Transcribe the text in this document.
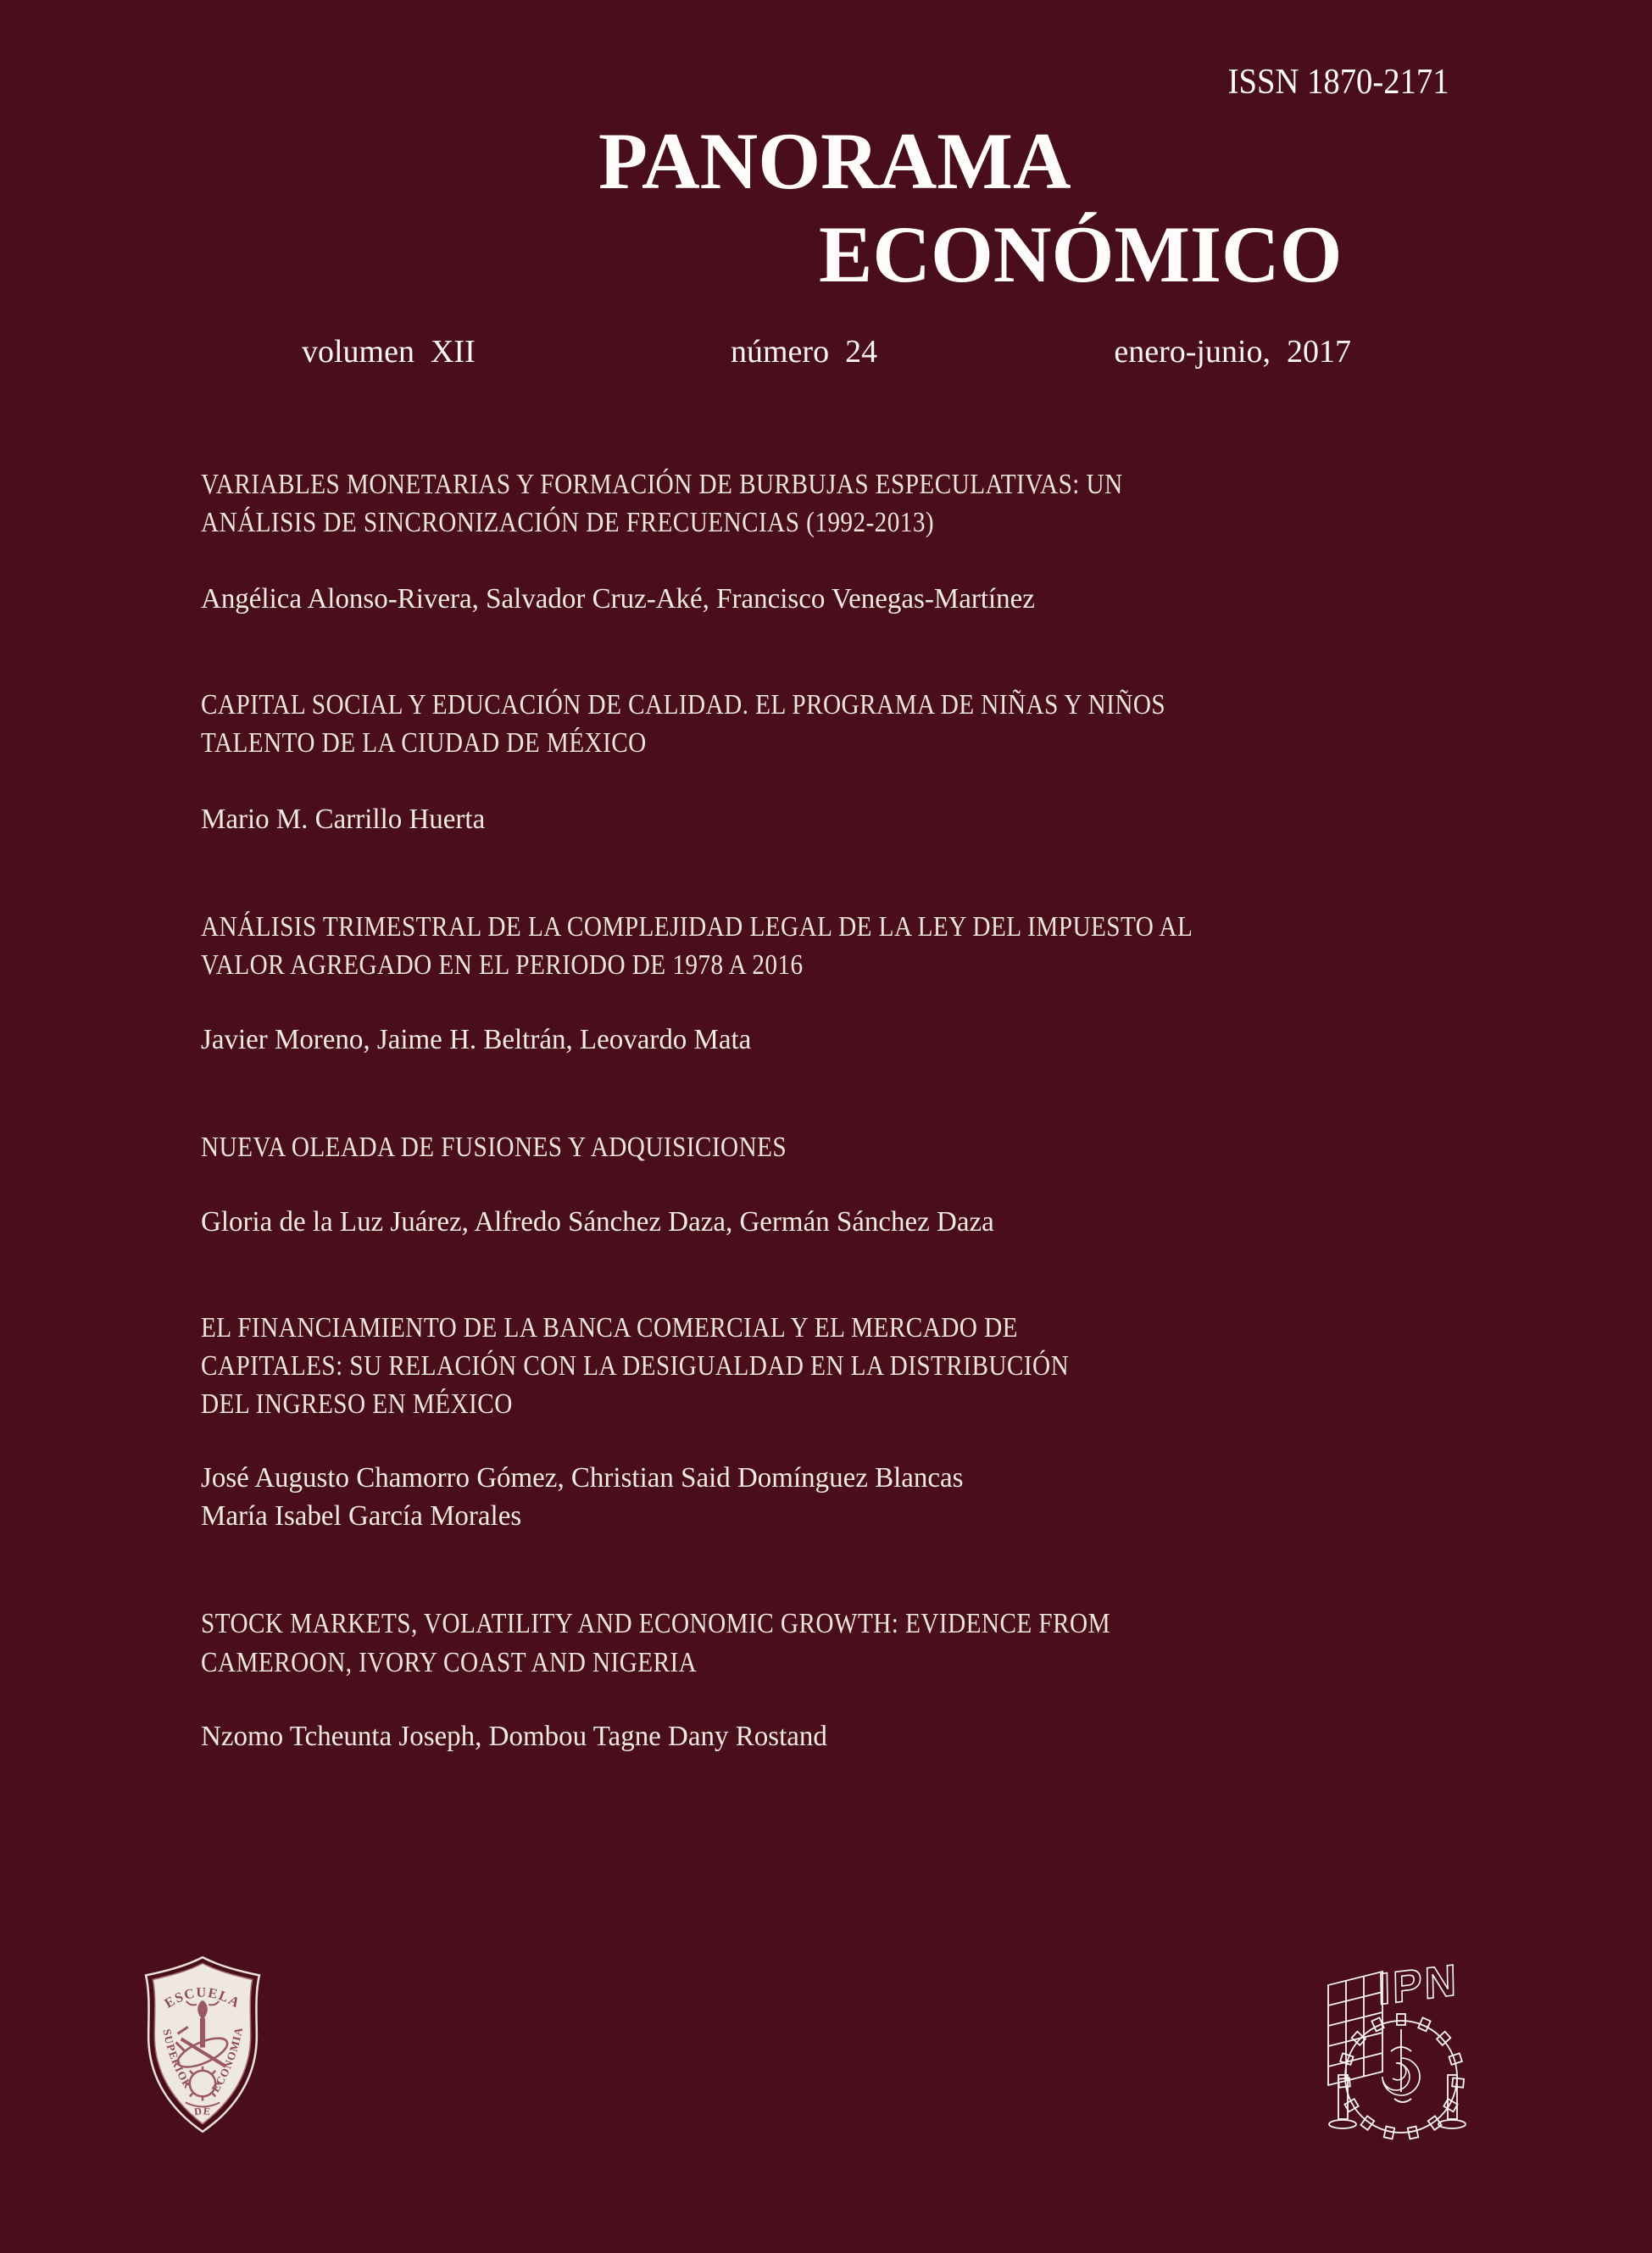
ISSN 1870-2171
PANORAMA
ECONÓMICO
volumen  XII	número  24	enero-junio,  2017
VARIABLES MONETARIAS Y FORMACIÓN DE BURBUJAS ESPECULATIVAS: UN
ANÁLISIS DE SINCRONIZACIÓN DE FRECUENCIAS (1992-2013)
Angélica Alonso-Rivera, Salvador Cruz-Aké, Francisco Venegas-Martínez
CAPITAL SOCIAL Y EDUCACIÓN DE CALIDAD. EL PROGRAMA DE NIÑAS Y NIÑOS
TALENTO DE LA CIUDAD DE MÉXICO
Mario M. Carrillo Huerta
ANÁLISIS TRIMESTRAL DE LA COMPLEJIDAD LEGAL DE LA LEY DEL IMPUESTO AL
VALOR AGREGADO EN EL PERIODO DE 1978 A 2016
Javier Moreno, Jaime H. Beltrán, Leovardo Mata
NUEVA OLEADA DE FUSIONES Y ADQUISICIONES
Gloria de la Luz Juárez, Alfredo Sánchez Daza, Germán Sánchez Daza
EL FINANCIAMIENTO DE LA BANCA COMERCIAL Y EL MERCADO DE
CAPITALES: SU RELACIÓN CON LA DESIGUALDAD EN LA DISTRIBUCIÓN
DEL INGRESO EN MÉXICO
José Augusto Chamorro Gómez, Christian Said Domínguez Blancas
María Isabel García Morales
STOCK MARKETS, VOLATILITY AND ECONOMIC GROWTH: EVIDENCE FROM
CAMEROON, IVORY COAST AND NIGERIA
Nzomo Tcheunta Joseph, Dombou Tagne Dany Rostand
ESCUELA
SUPERIOR ECONOMIA
DE
IPN
